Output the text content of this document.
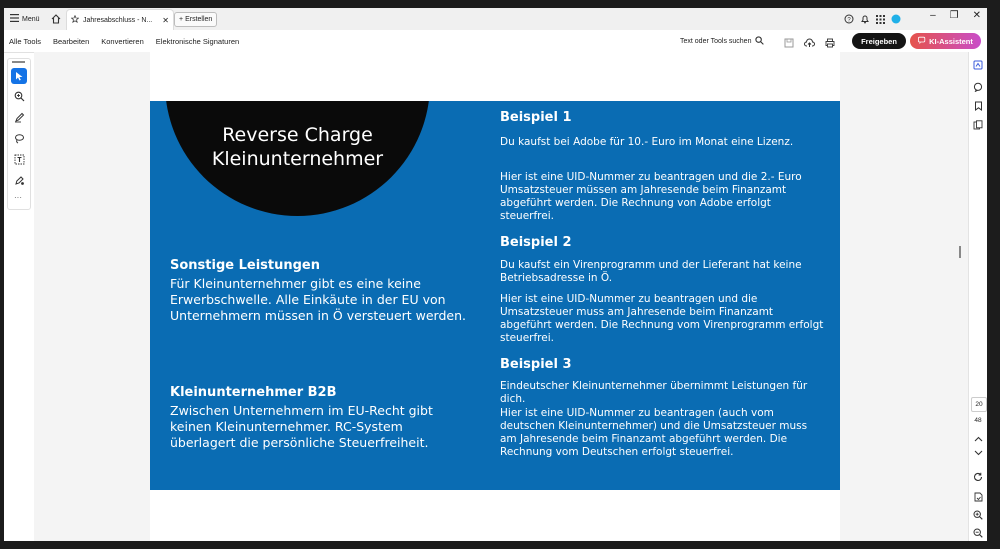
Menü	Jahresabschluss - N... ✕ + Erstellen	?	– ❐ ✕
Alle Tools Bearbeiten Konvertieren Elektronische Signaturen	Text oder Tools suchen	Freigeben	KI-Assistent
Reverse Charge
Kleinunternehmer
Sonstige Leistungen
Für Kleinunternehmer gibt es eine keine Erwerbschwelle. Alle Einkäute in der EU von Unternehmern müssen in Ö versteuert werden.
Kleinunternehmer B2B
Zwischen Unternehmern im EU-Recht gibt keinen Kleinunternehmer. RC-System überlagert die persönliche Steuerfreiheit.
Beispiel 1
Du kaufst bei Adobe für 10.- Euro im Monat eine Lizenz.
Hier ist eine UID-Nummer zu beantragen und die 2.- Euro Umsatzsteuer müssen am Jahresende beim Finanzamt abgeführt werden. Die Rechnung von Adobe erfolgt steuerfrei.
Beispiel 2
Du kaufst ein Virenprogramm und der Lieferant hat keine Betriebsadresse in Ö.
Hier ist eine UID-Nummer zu beantragen und die Umsatzsteuer muss am Jahresende beim Finanzamt abgeführt werden. Die Rechnung vom Virenprogramm erfolgt steuerfrei.
Beispiel 3
Eindeutscher Kleinunternehmer übernimmt Leistungen für dich.
Hier ist eine UID-Nummer zu beantragen (auch vom deutschen Kleinunternehmer) und die Umsatzsteuer muss am Jahresende beim Finanzamt abgeführt werden. Die Rechnung vom Deutschen erfolgt steuerfrei.
···
20
48
